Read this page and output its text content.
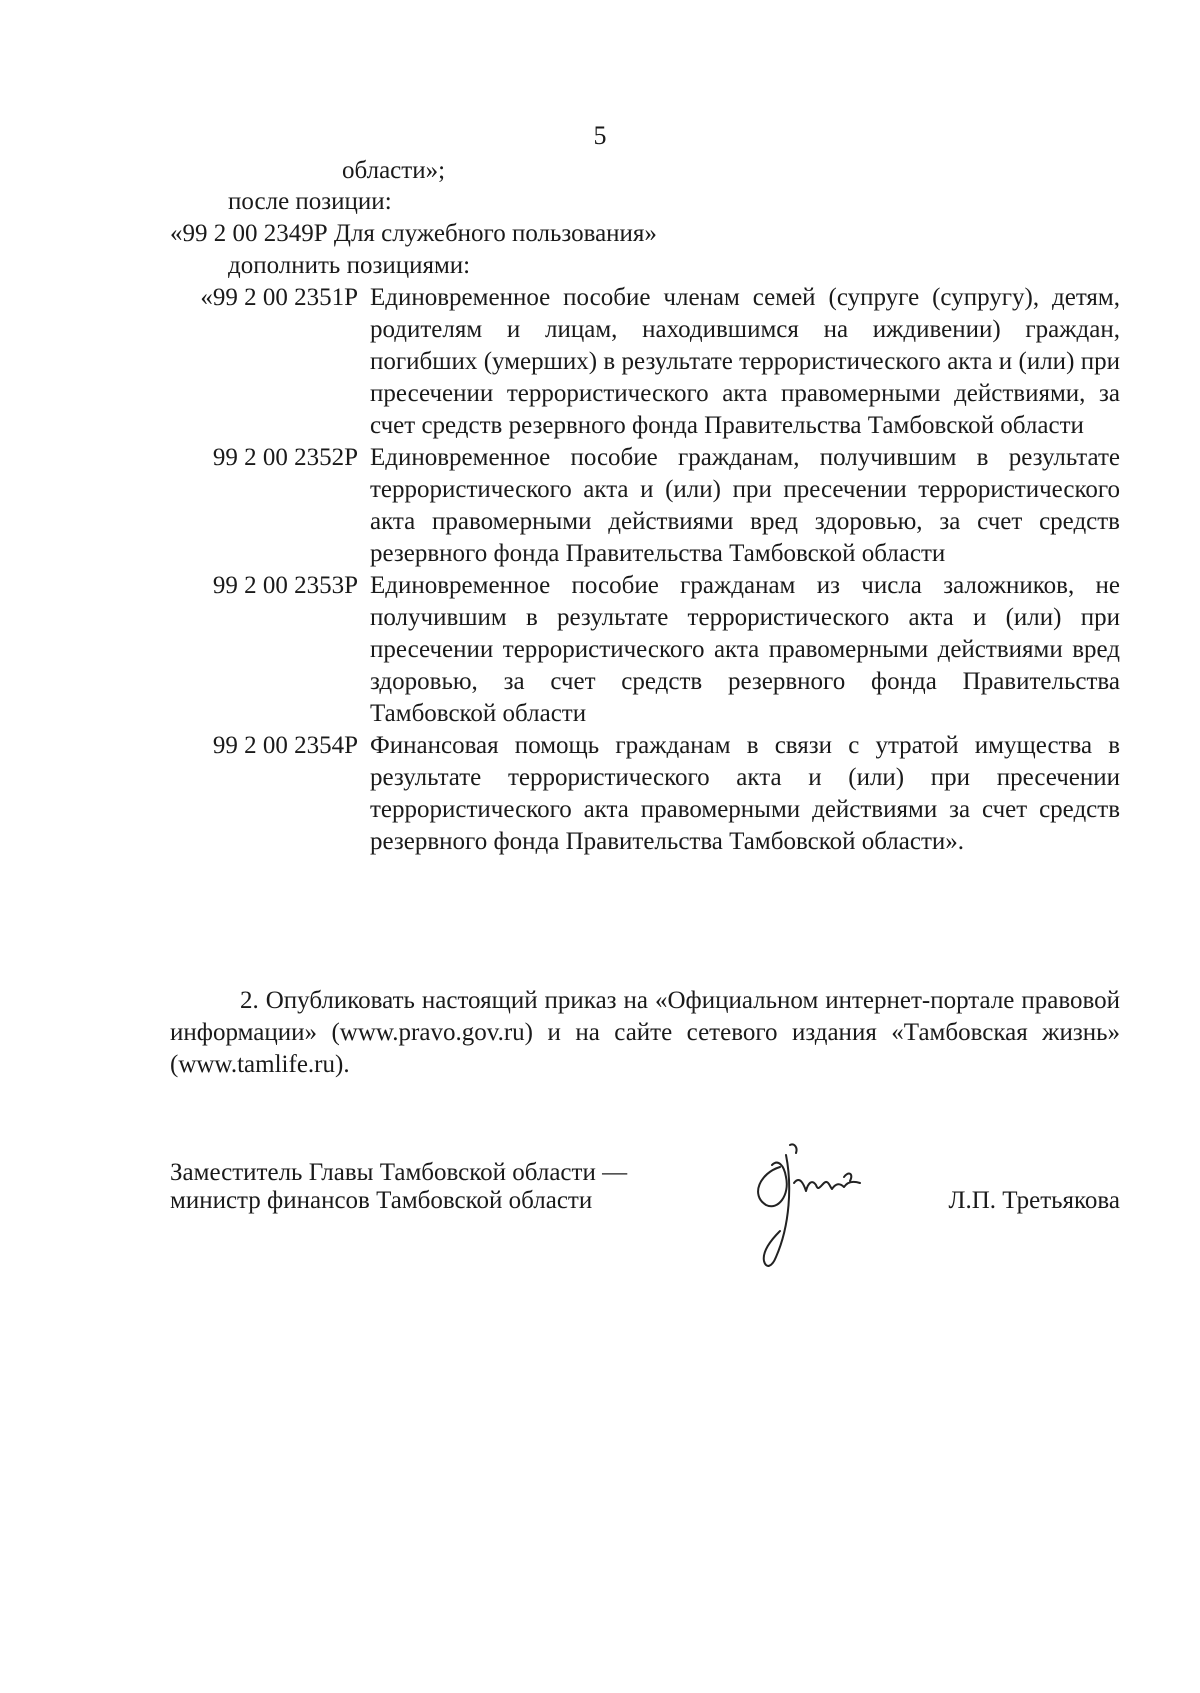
5
области»;
после позиции:
«99 2 00 2349Р Для служебного пользования»
дополнить позициями:
«99 2 00 2351Р Единовременное пособие членам семей (супруге (супругу), детям, родителям и лицам, находившимся на иждивении) граждан, погибших (умерших) в результате террористического акта и (или) при пресечении террористического акта правомерными действиями, за счет средств резервного фонда Правительства Тамбовской области
99 2 00 2352Р Единовременное пособие гражданам, получившим в результате террористического акта и (или) при пресечении террористического акта правомерными действиями вред здоровью, за счет средств резервного фонда Правительства Тамбовской области
99 2 00 2353Р Единовременное пособие гражданам из числа заложников, не получившим в результате террористического акта и (или) при пресечении террористического акта правомерными действиями вред здоровью, за счет средств резервного фонда Правительства Тамбовской области
99 2 00 2354Р Финансовая помощь гражданам в связи с утратой имущества в результате террористического акта и (или) при пресечении террористического акта правомерными действиями за счет средств резервного фонда Правительства Тамбовской области».
2. Опубликовать настоящий приказ на «Официальном интернет-портале правовой информации» (www.pravo.gov.ru) и на сайте сетевого издания «Тамбовская жизнь» (www.tamlife.ru).
Заместитель Главы Тамбовской области —
министр финансов Тамбовской области	Л.П. Третьякова
